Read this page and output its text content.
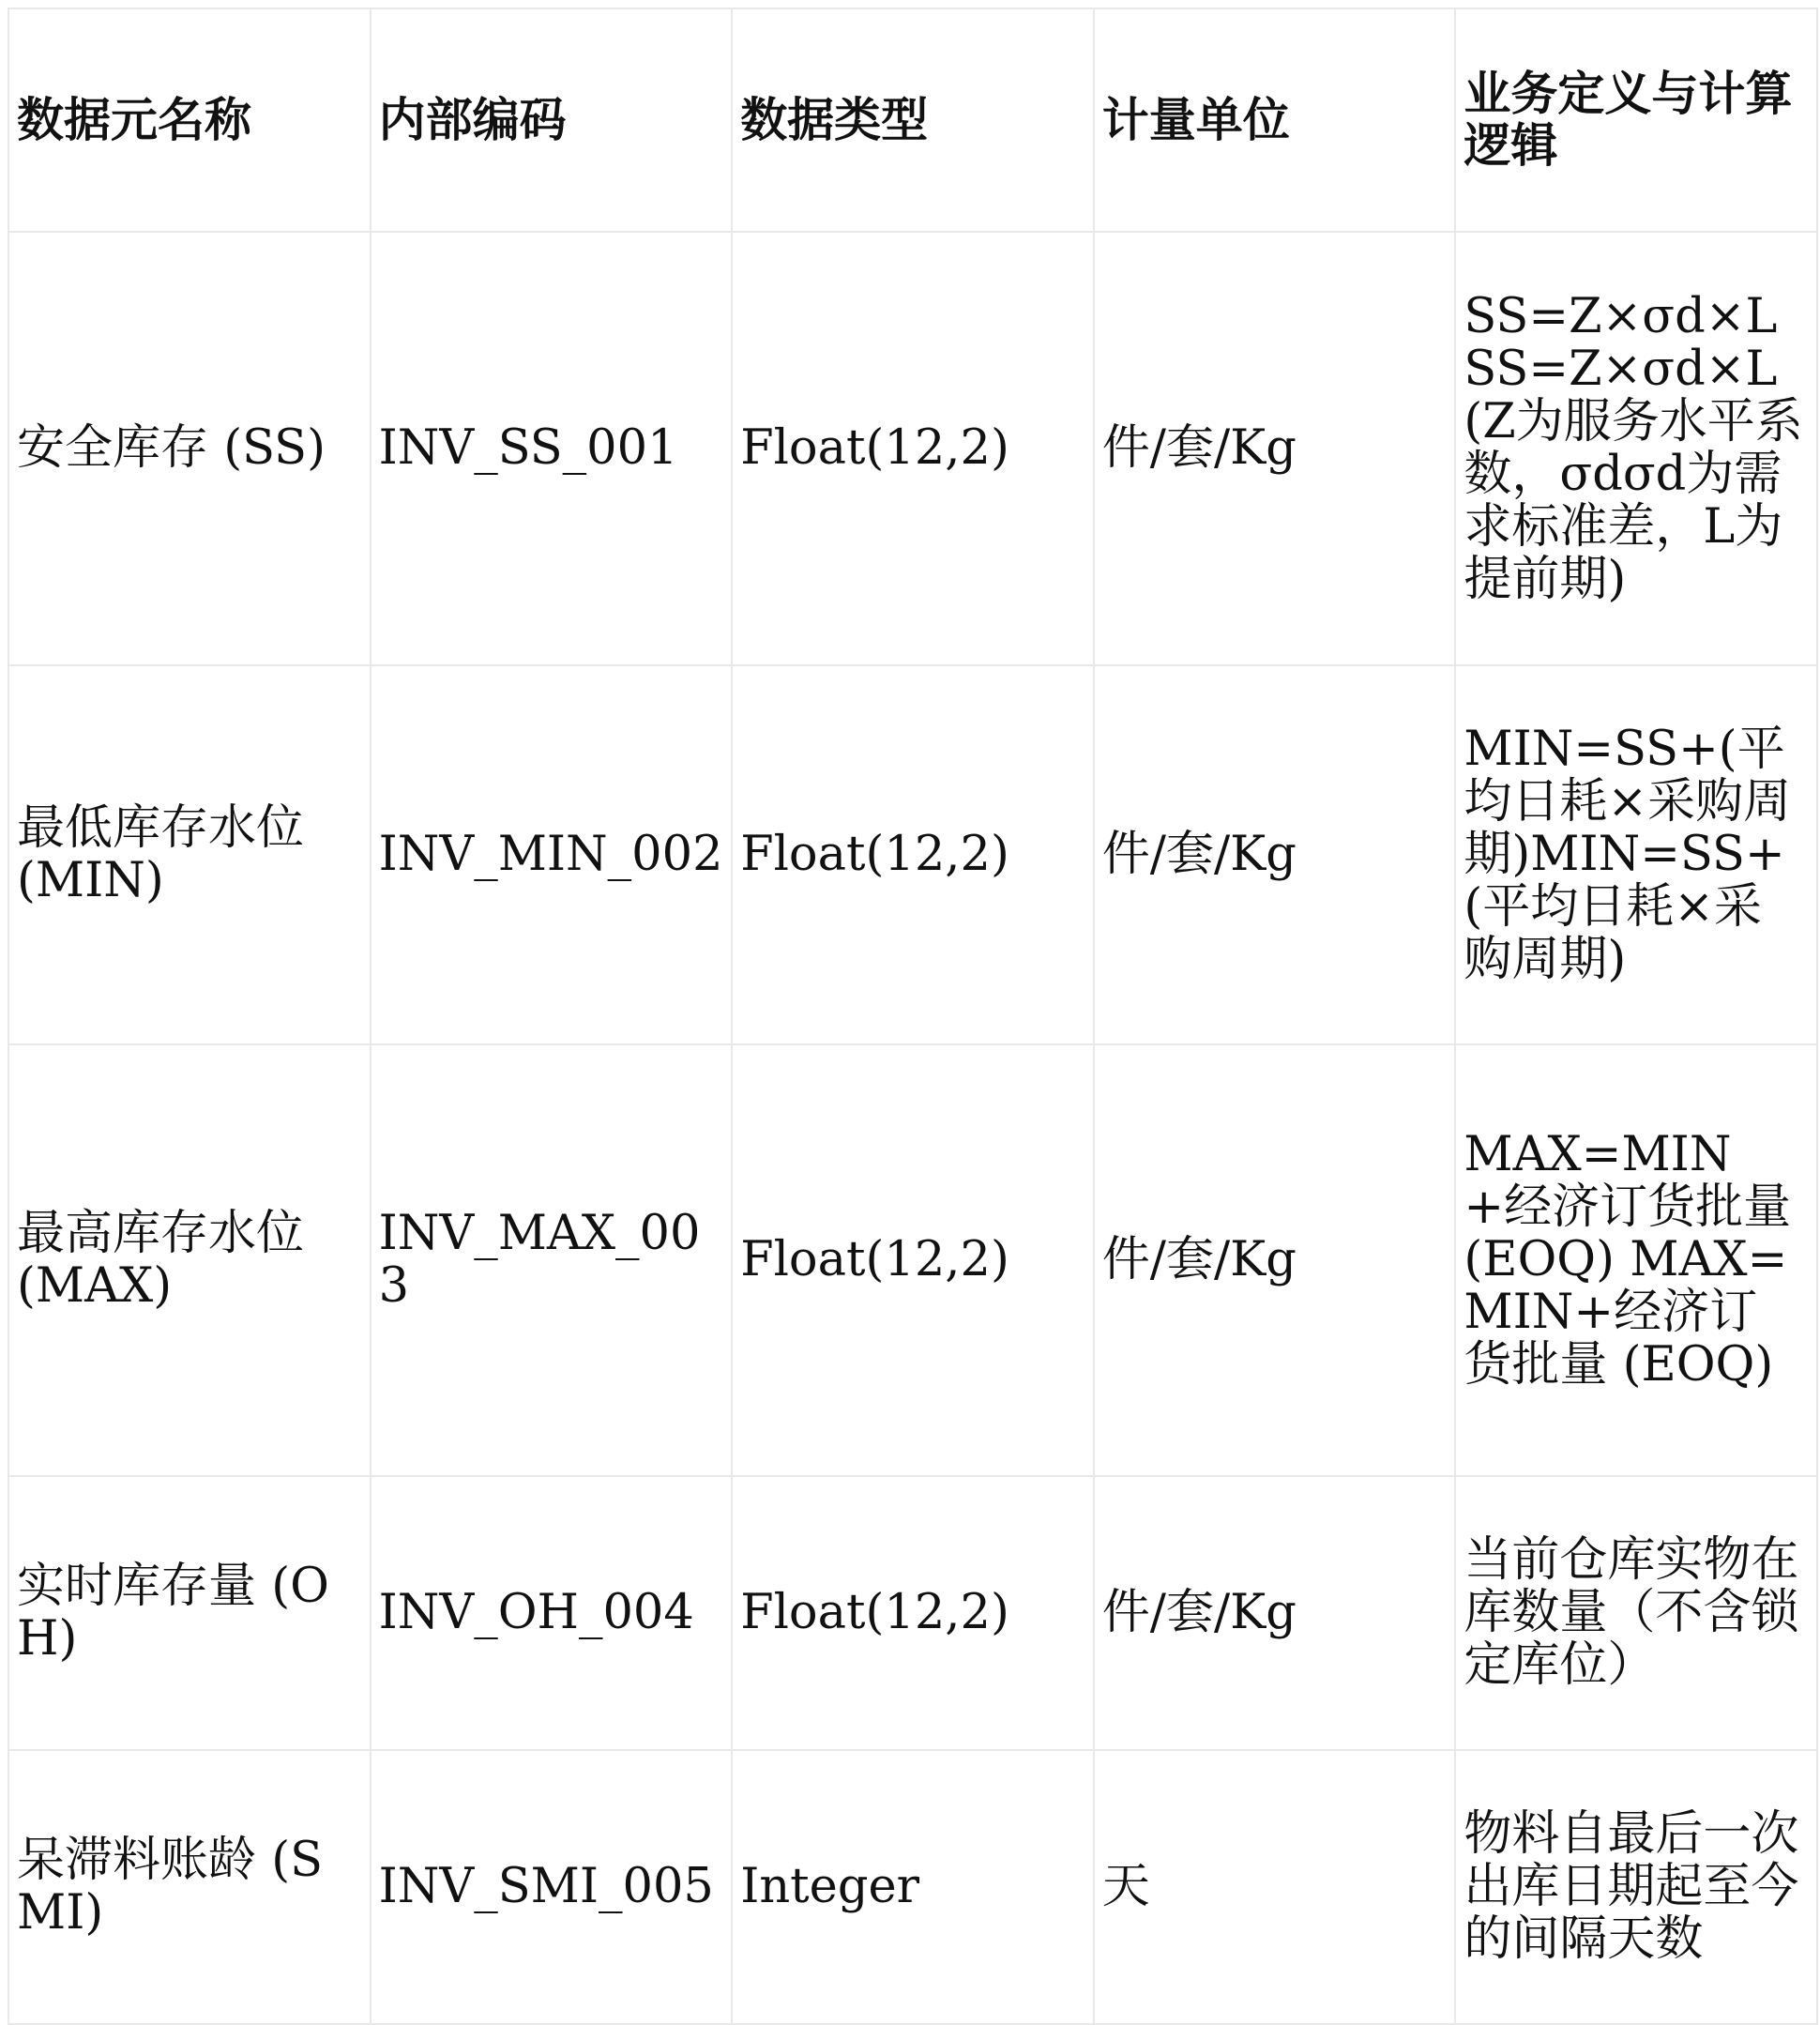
数据元名称	内部编码	数据类型	计量单位	业务定义与计算逻辑
安全库存 (SS)	INV_SS_001	Float(12,2)	件/套/Kg	SS=Z×σd×LSS=Z×σd×L (Z为服务水平系数，σdσd为需求标准差，L为提前期)
最低库存水位 (MIN)	INV_MIN_002	Float(12,2)	件/套/Kg	MIN=SS+(平均日耗×采购周期)MIN=SS+(平均日耗×采购周期)
最高库存水位 (MAX)	INV_MAX_003	Float(12,2)	件/套/Kg	MAX=MIN+经济订货批量 (EOQ) MAX=MIN+经济订货批量 (EOQ)
实时库存量 (OH)	INV_OH_004	Float(12,2)	件/套/Kg	当前仓库实物在库数量（不含锁定库位）
呆滞料账龄 (SMI)	INV_SMI_005	Integer	天	物料自最后一次出库日期起至今的间隔天数
